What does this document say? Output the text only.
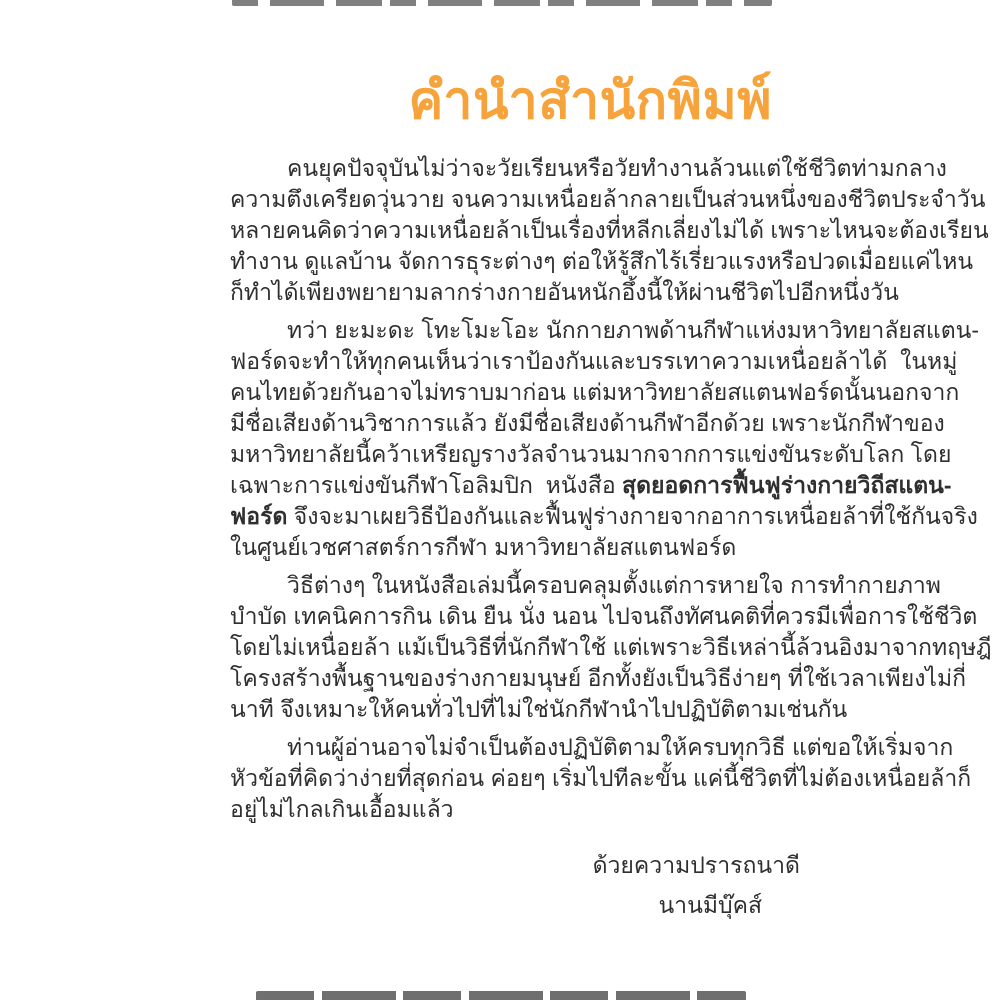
คำนำสำนักพิมพ์

คนยุคปัจจุบันไม่ว่าจะวัยเรียนหรือวัยทำงานล้วนแต่ใช้ชีวิตท่ามกลาง
ความตึงเครียดวุ่นวาย จนความเหนื่อยล้ากลายเป็นส่วนหนึ่งของชีวิตประจำวัน
หลายคนคิดว่าความเหนื่อยล้าเป็นเรื่องที่หลีกเลี่ยงไม่ได้ เพราะไหนจะต้องเรียน
ทำงาน ดูแลบ้าน จัดการธุระต่างๆ ต่อให้รู้สึกไร้เรี่ยวแรงหรือปวดเมื่อยแค่ไหน
ก็ทำได้เพียงพยายามลากร่างกายอันหนักอึ้งนี้ให้ผ่านชีวิตไปอีกหนึ่งวัน

ทว่า ยะมะดะ โทะโมะโอะ นักกายภาพด้านกีฬาแห่งมหาวิทยาลัยสแตน-
ฟอร์ดจะทำให้ทุกคนเห็นว่าเราป้องกันและบรรเทาความเหนื่อยล้าได้  ในหมู่
คนไทยด้วยกันอาจไม่ทราบมาก่อน แต่มหาวิทยาลัยสแตนฟอร์ดนั้นนอกจาก
มีชื่อเสียงด้านวิชาการแล้ว ยังมีชื่อเสียงด้านกีฬาอีกด้วย เพราะนักกีฬาของ
มหาวิทยาลัยนี้คว้าเหรียญรางวัลจำนวนมากจากการแข่งขันระดับโลก โดย
เฉพาะการแข่งขันกีฬาโอลิมปิก  หนังสือ สุดยอดการฟื้นฟูร่างกายวิถีสแตน-
ฟอร์ด จึงจะมาเผยวิธีป้องกันและฟื้นฟูร่างกายจากอาการเหนื่อยล้าที่ใช้กันจริง
ในศูนย์เวชศาสตร์การกีฬา มหาวิทยาลัยสแตนฟอร์ด

วิธีต่างๆ ในหนังสือเล่มนี้ครอบคลุมตั้งแต่การหายใจ การทำกายภาพ
บำบัด เทคนิคการกิน เดิน ยืน นั่ง นอน ไปจนถึงทัศนคติที่ควรมีเพื่อการใช้ชีวิต
โดยไม่เหนื่อยล้า แม้เป็นวิธีที่นักกีฬาใช้ แต่เพราะวิธีเหล่านี้ล้วนอิงมาจากทฤษฎี
โครงสร้างพื้นฐานของร่างกายมนุษย์ อีกทั้งยังเป็นวิธีง่ายๆ ที่ใช้เวลาเพียงไม่กี่
นาที จึงเหมาะให้คนทั่วไปที่ไม่ใช่นักกีฬานำไปปฏิบัติตามเช่นกัน

ท่านผู้อ่านอาจไม่จำเป็นต้องปฏิบัติตามให้ครบทุกวิธี แต่ขอให้เริ่มจาก
หัวข้อที่คิดว่าง่ายที่สุดก่อน ค่อยๆ เริ่มไปทีละขั้น แค่นี้ชีวิตที่ไม่ต้องเหนื่อยล้าก็
อยู่ไม่ไกลเกินเอื้อมแล้ว

ด้วยความปรารถนาดี
นานมีบุ๊คส์
